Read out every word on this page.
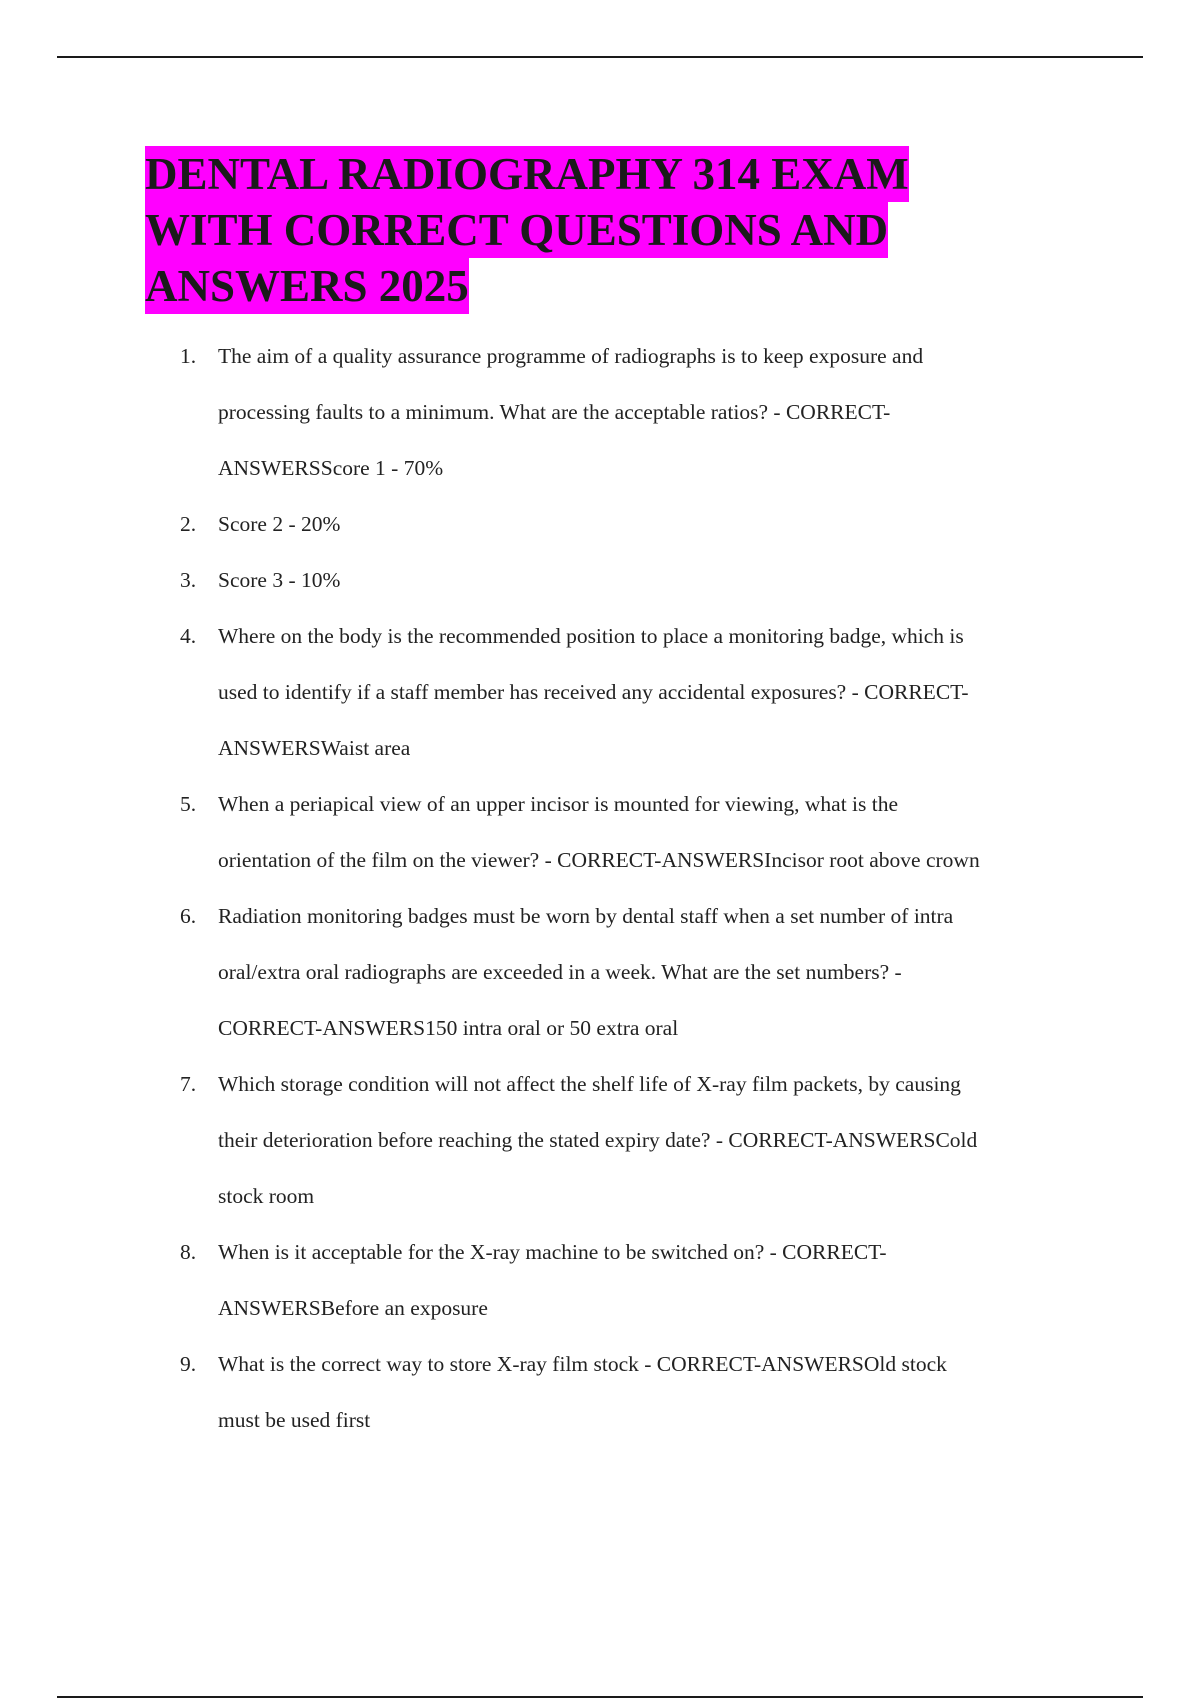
DENTAL RADIOGRAPHY 314 EXAM
WITH CORRECT QUESTIONS AND
ANSWERS 2025
1. The aim of a quality assurance programme of radiographs is to keep exposure and
processing faults to a minimum. What are the acceptable ratios? - CORRECT-
ANSWERSScore 1 - 70%
2. Score 2 - 20%
3. Score 3 - 10%
4. Where on the body is the recommended position to place a monitoring badge, which is
used to identify if a staff member has received any accidental exposures? - CORRECT-
ANSWERSWaist area
5. When a periapical view of an upper incisor is mounted for viewing, what is the
orientation of the film on the viewer? - CORRECT-ANSWERSIncisor root above crown
6. Radiation monitoring badges must be worn by dental staff when a set number of intra
oral/extra oral radiographs are exceeded in a week. What are the set numbers? -
CORRECT-ANSWERS150 intra oral or 50 extra oral
7. Which storage condition will not affect the shelf life of X-ray film packets, by causing
their deterioration before reaching the stated expiry date? - CORRECT-ANSWERSCold
stock room
8. When is it acceptable for the X-ray machine to be switched on? - CORRECT-
ANSWERSBefore an exposure
9. What is the correct way to store X-ray film stock - CORRECT-ANSWERSOld stock
must be used first
